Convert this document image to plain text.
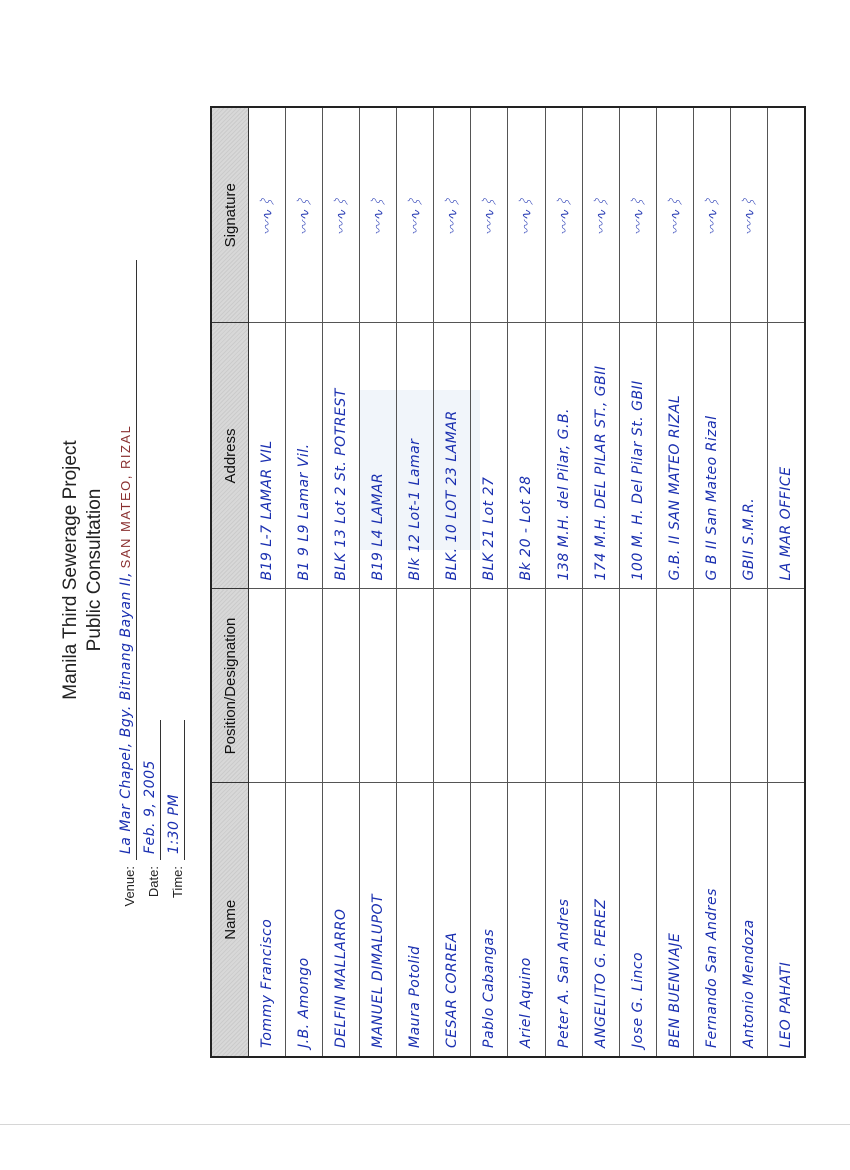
Manila Third Sewerage Project Public Consultation
Venue:La Mar Chapel, Bgy. Bitnang Bayan II, SAN MATEO, RIZAL
Date:Feb. 9, 2005
Time:1:30 PM
Name	Position/Designation	Address	Signature
Tommy Francisco		B19 L-7 LAMAR VIL	〰∿⌇
J.B. Amongo		B1 9 L9 Lamar Vil.	〰∿⌇
DELFIN MALLARRO		BLK 13 Lot 2 St. POTREST	〰∿⌇
MANUEL DIMALUPOT		B19 L4 LAMAR	〰∿⌇
Maura Potolid		Blk 12 Lot-1 Lamar	〰∿⌇
CESAR CORREA		BLK. 10 LOT 23 LAMAR	〰∿⌇
Pablo Cabangas		BLK 21 Lot 27	〰∿⌇
Ariel Aquino		Bk 20 - Lot 28	〰∿⌇
Peter A. San Andres		138 M.H. del Pilar, G.B.	〰∿⌇
ANGELITO G. PEREZ		174 M.H. DEL PILAR ST., GBII	〰∿⌇
Jose G. Linco		100 M. H. Del Pilar St. GBII	〰∿⌇
BEN BUENVIAJE		G.B. II SAN MATEO RIZAL	〰∿⌇
Fernando San Andres		G B II San Mateo Rizal	〰∿⌇
Antonio Mendoza		GBII S.M.R.	〰∿⌇
LEO PAHATI		LA MAR OFFICE	
